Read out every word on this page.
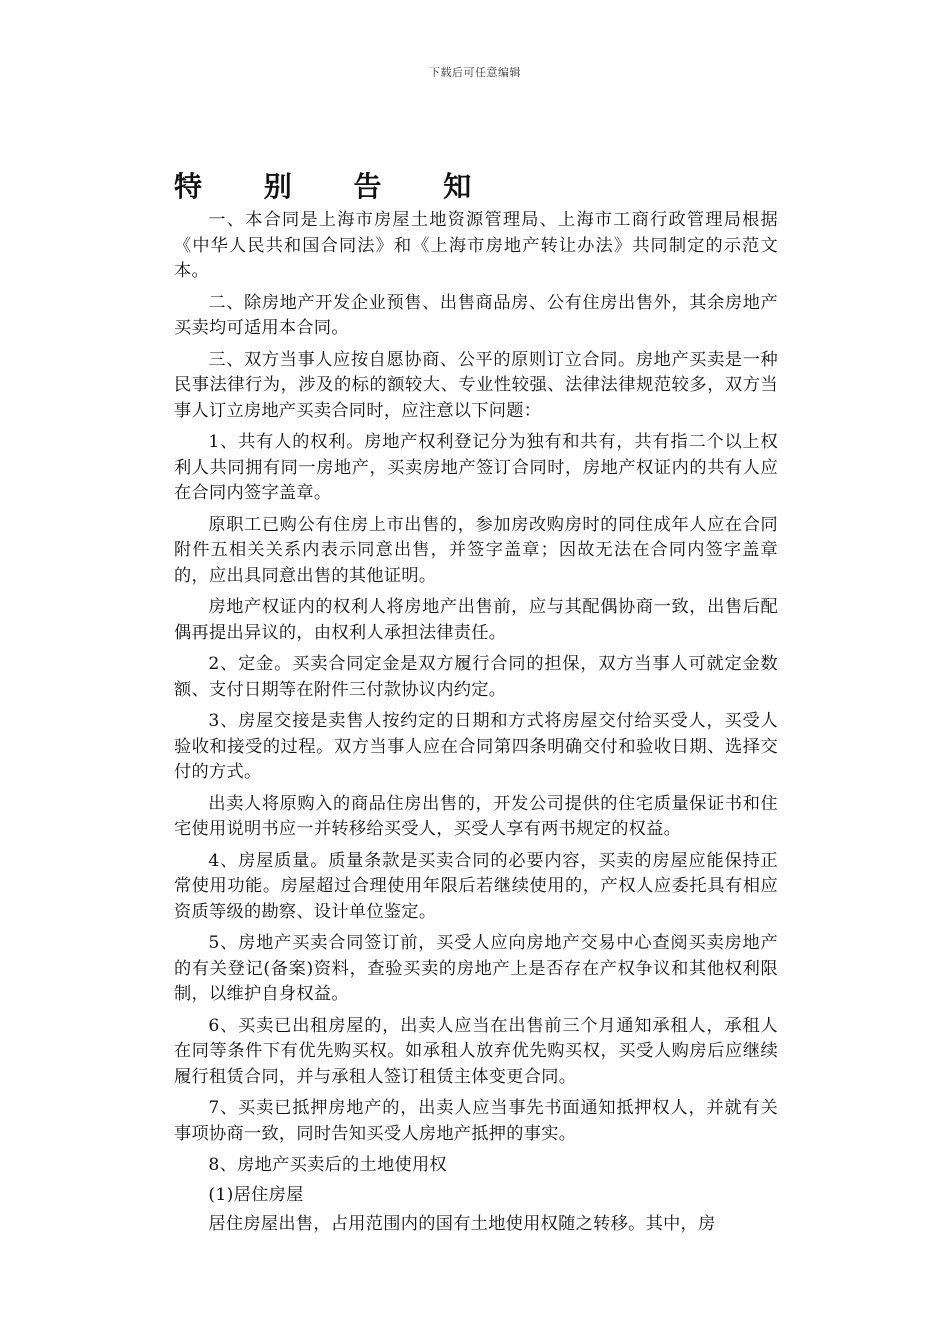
下载后可任意编辑
特 别 告 知

一、本合同是上海市房屋土地资源管理局、上海市工商行政管理局根据《中华人民共和国合同法》和《上海市房地产转让办法》共同制定的示范文本。

二、除房地产开发企业预售、出售商品房、公有住房出售外，其余房地产买卖均可适用本合同。

三、双方当事人应按自愿协商、公平的原则订立合同。房地产买卖是一种民事法律行为，涉及的标的额较大、专业性较强、法律法律规范较多，双方当事人订立房地产买卖合同时，应注意以下问题：

1、共有人的权利。房地产权利登记分为独有和共有，共有指二个以上权利人共同拥有同一房地产，买卖房地产签订合同时，房地产权证内的共有人应在合同内签字盖章。

原职工已购公有住房上市出售的，参加房改购房时的同住成年人应在合同附件五相关关系内表示同意出售，并签字盖章；因故无法在合同内签字盖章的，应出具同意出售的其他证明。

房地产权证内的权利人将房地产出售前，应与其配偶协商一致，出售后配偶再提出异议的，由权利人承担法律责任。

2、定金。买卖合同定金是双方履行合同的担保，双方当事人可就定金数额、支付日期等在附件三付款协议内约定。

3、房屋交接是卖售人按约定的日期和方式将房屋交付给买受人，买受人验收和接受的过程。双方当事人应在合同第四条明确交付和验收日期、选择交付的方式。

出卖人将原购入的商品住房出售的，开发公司提供的住宅质量保证书和住宅使用说明书应一并转移给买受人，买受人享有两书规定的权益。

4、房屋质量。质量条款是买卖合同的必要内容，买卖的房屋应能保持正常使用功能。房屋超过合理使用年限后若继续使用的，产权人应委托具有相应资质等级的勘察、设计单位鉴定。

5、房地产买卖合同签订前，买受人应向房地产交易中心查阅买卖房地产的有关登记(备案)资料，查验买卖的房地产上是否存在产权争议和其他权利限制，以维护自身权益。

6、买卖已出租房屋的，出卖人应当在出售前三个月通知承租人，承租人在同等条件下有优先购买权。如承租人放弃优先购买权，买受人购房后应继续履行租赁合同，并与承租人签订租赁主体变更合同。

7、买卖已抵押房地产的，出卖人应当事先书面通知抵押权人，并就有关事项协商一致，同时告知买受人房地产抵押的事实。

8、房地产买卖后的土地使用权

(1)居住房屋

居住房屋出售，占用范围内的国有土地使用权随之转移。其中，房
